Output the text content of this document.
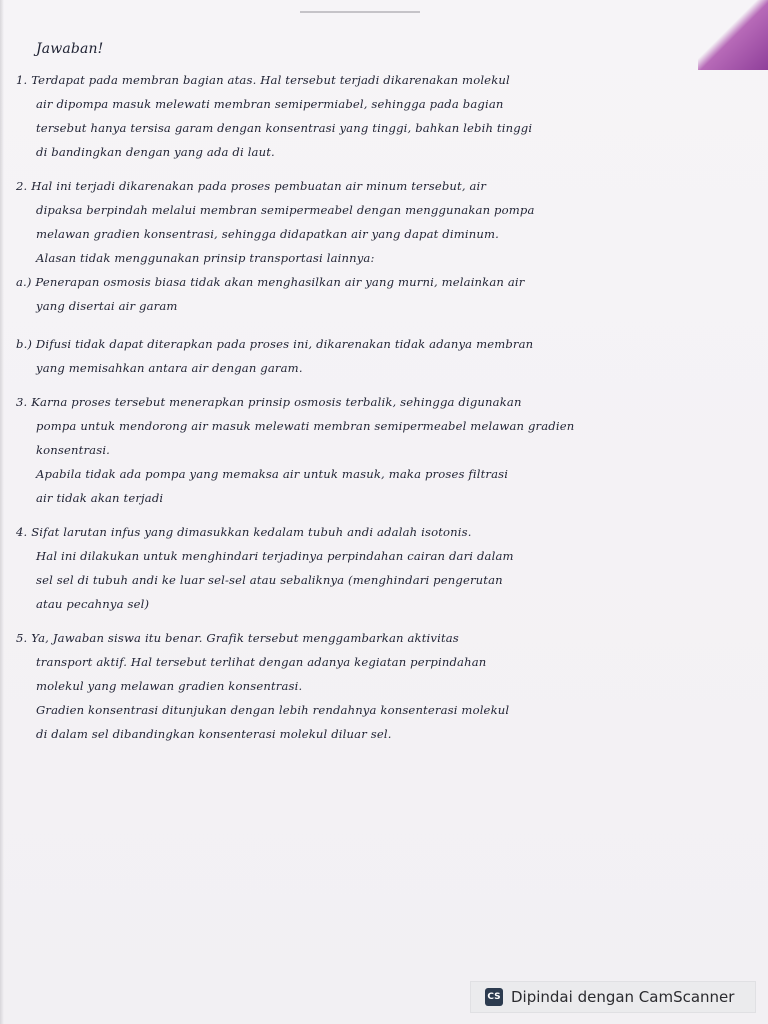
Jawaban!
1. Terdapat pada membran bagian atas. Hal tersebut terjadi dikarenakan molekul
air dipompa masuk melewati membran semipermiabel, sehingga pada bagian
tersebut hanya tersisa garam dengan konsentrasi yang tinggi, bahkan lebih tinggi
di bandingkan dengan yang ada di laut.
2. Hal ini terjadi dikarenakan pada proses pembuatan air minum tersebut, air
dipaksa berpindah melalui membran semipermeabel dengan menggunakan pompa
melawan gradien konsentrasi, sehingga didapatkan air yang dapat diminum.
Alasan tidak menggunakan prinsip transportasi lainnya:
a.) Penerapan osmosis biasa tidak akan menghasilkan air yang murni, melainkan air
yang disertai air garam
b.) Difusi tidak dapat diterapkan pada proses ini, dikarenakan tidak adanya membran
yang memisahkan antara air dengan garam.
3. Karna proses tersebut menerapkan prinsip osmosis terbalik, sehingga digunakan
pompa untuk mendorong air masuk melewati membran semipermeabel melawan gradien
konsentrasi.
Apabila tidak ada pompa yang memaksa air untuk masuk, maka proses filtrasi
air tidak akan terjadi
4. Sifat larutan infus yang dimasukkan kedalam tubuh andi adalah isotonis.
Hal ini dilakukan untuk menghindari terjadinya perpindahan cairan dari dalam
sel sel di tubuh andi ke luar sel-sel atau sebaliknya (menghindari pengerutan
atau pecahnya sel)
5. Ya, Jawaban siswa itu benar. Grafik tersebut menggambarkan aktivitas
transport aktif. Hal tersebut terlihat dengan adanya kegiatan perpindahan
molekul yang melawan gradien konsentrasi.
Gradien konsentrasi ditunjukan dengan lebih rendahnya konsenterasi molekul
di dalam sel dibandingkan konsenterasi molekul diluar sel.
CS Dipindai dengan CamScanner
